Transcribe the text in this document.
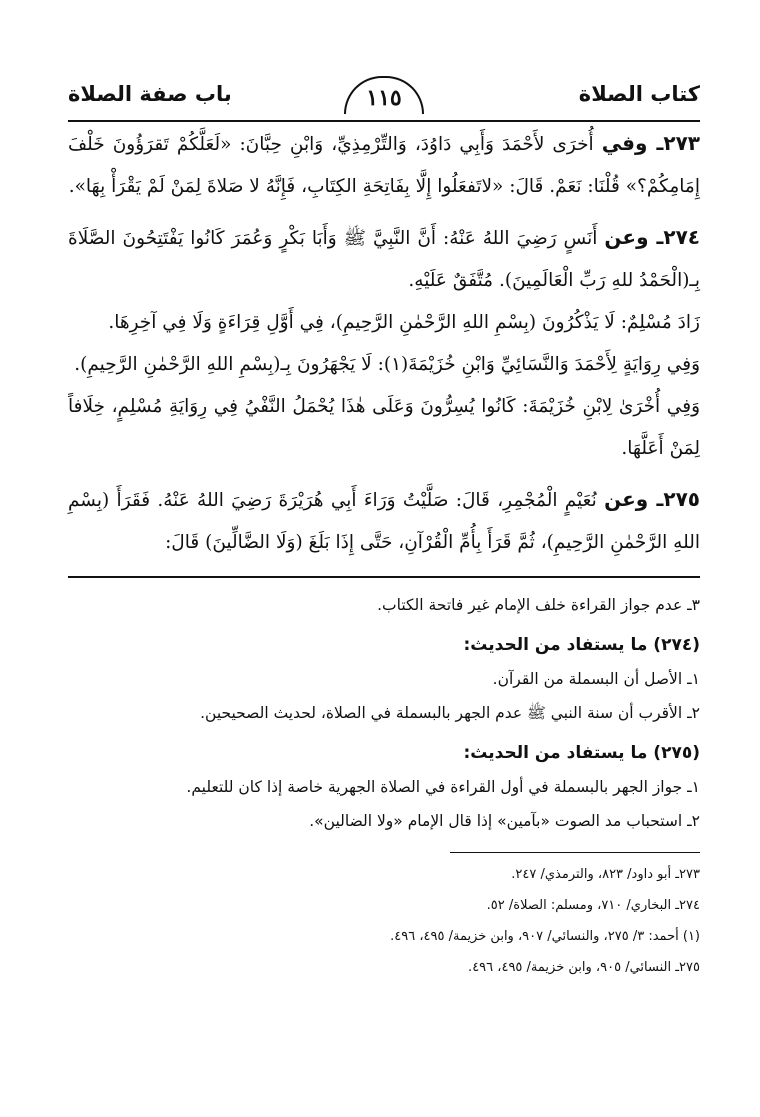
كتاب الصلاة
١١٥
باب صفة الصلاة

٢٧٣ـ وفي أُخرَى لأَحْمَدَ وَأَبِي دَاوُدَ، وَالتِّرْمِذِيِّ، وَابْنِ حِبَّانَ: «لَعَلَّكُمْ تَقرَؤُونَ خَلْفَ إِمَامِكُمْ؟» قُلْنَا: نَعَمْ. قَالَ: «لاتَفعَلُوا إِلَّا بِفَاتِحَةِ الكِتَابِ، فَإِنَّهُ لا صَلاةَ لِمَنْ لَمْ يَقْرَأْ بِهَا».

٢٧٤ـ وعن أَنَسٍ رَضِيَ اللهُ عَنْهُ: أَنَّ النَّبِيَّ ﷺ وَأَبَا بَكْرٍ وَعُمَرَ كَانُوا يَفْتَتِحُونَ الصَّلَاةَ بِـ(الْحَمْدُ للهِ رَبِّ الْعَالَمِينَ). مُتَّفَقٌ عَلَيْهِ.

زَادَ مُسْلِمٌ: لَا يَذْكُرُونَ (بِسْمِ اللهِ الرَّحْمٰنِ الرَّحِيمِ)، فِي أَوَّلِ قِرَاءَةٍ وَلَا فِي آخِرِهَا.

وَفِي رِوَايَةٍ لِأَحْمَدَ وَالنَّسَائِيِّ وَابْنِ خُزَيْمَةَ(١): لَا يَجْهَرُونَ بِـ(بِسْمِ اللهِ الرَّحْمٰنِ الرَّحِيمِ).

وَفِي أُخْرَىٰ لِابْنِ خُزَيْمَةَ: كَانُوا يُسِرُّونَ وَعَلَى هٰذَا يُحْمَلُ النَّفْيُ فِي رِوَايَةِ مُسْلِمٍ، خِلَافاً لِمَنْ أَعَلَّهَا.

٢٧٥ـ وعن نُعَيْمٍ الْمُجْمِرِ، قَالَ: صَلَّيْتُ وَرَاءَ أَبِي هُرَيْرَةَ رَضِيَ اللهُ عَنْهُ. فَقَرَأَ (بِسْمِ اللهِ الرَّحْمٰنِ الرَّحِيمِ)، ثُمَّ قَرَأَ بِأُمِّ الْقُرْآنِ، حَتَّى إِذَا بَلَغَ (وَلَا الضَّالِّينَ) قَالَ:

٣ـ عدم جواز القراءة خلف الإمام غير فاتحة الكتاب.

(٢٧٤) ما يستفاد من الحديث:

١ـ الأصل أن البسملة من القرآن.

٢ـ الأقرب أن سنة النبي ﷺ عدم الجهر بالبسملة في الصلاة، لحديث الصحيحين.

(٢٧٥) ما يستفاد من الحديث:

١ـ جواز الجهر بالبسملة في أول القراءة في الصلاة الجهرية خاصة إذا كان للتعليم.

٢ـ استحباب مد الصوت «بآمين» إذا قال الإمام «ولا الضالين».

٢٧٣ـ أبو داود/ ٨٢٣، والترمذي/ ٢٤٧.

٢٧٤ـ البخاري/ ٧١٠، ومسلم: الصلاة/ ٥٢.

(١) أحمد: ٣/ ٢٧٥، والنسائي/ ٩٠٧، وابن خزيمة/ ٤٩٥، ٤٩٦.

٢٧٥ـ النسائي/ ٩٠٥، وابن خزيمة/ ٤٩٥، ٤٩٦.
